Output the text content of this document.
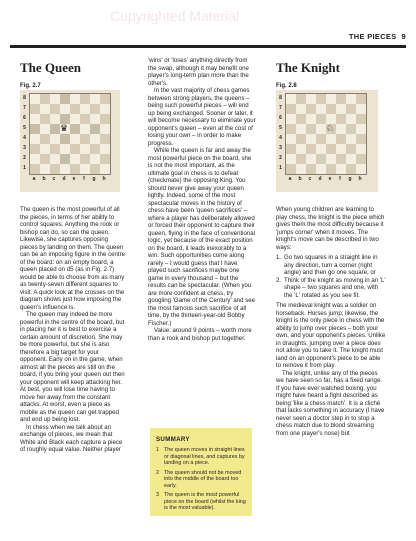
Copyrighted Material
THE PIECES 9
The Queen
Fig. 2.7
8
7
6
5
4
3
2
1
a	b	c	d	e	f	g	h
♛

The queen is the most powerful of all the pieces, in terms of her ability to control squares. Anything the rook or bishop can do, so can the queen. Likewise, she captures opposing pieces by landing on them. The queen can be an imposing figure in the centre of the board: on an empty board, a queen placed on d5 (as in Fig. 2.7) would be able to choose from as many as twenty-seven different squares to visit. A quick look at the crosses on the diagram shows just how imposing the queen's influence is.

The queen may indeed be more powerful in the centre of the board, but in placing her it is best to exercise a certain amount of discretion. She may be more powerful, but she is also therefore a big target for your opponent. Early on in the game, when almost all the pieces are still on the board, if you bring your queen out then your opponent will keep attacking her. At best, you will lose time having to move her away from the constant attacks. At worst, even a piece as mobile as the queen can get trapped and end up being lost.

In chess when we talk about an exchange of pieces, we mean that White and Black each capture a piece of roughly equal value. Neither player

'wins' or 'loses' anything directly from the swap, although it may benefit one player's long-term plan more than the other's.

In the vast majority of chess games between strong players, the queens – being such powerful pieces – will end up being exchanged. Sooner or later, it will become necessary to eliminate your opponent's queen – even at the cost of losing your own – in order to make progress.

While the queen is far and away the most powerful piece on the board, she is not the most important, as the ultimate goal in chess is to defeat (checkmate) the opposing King. You should never give away your queen lightly. Indeed, some of the most spectacular moves in the history of chess have been 'queen sacrifices' – where a player has deliberately allowed or forced their opponent to capture their queen, flying in the face of conventional logic, yet because of the exact position on the board, it leads inexorably to a win. Such opportunities come along rarely – I would guess that I have played such sacrifices maybe one game in every thousand – but the results can be spectacular. (When you are more confident at chess, try googling 'Game of the Century' and see the most famous such sacrifice of all time, by the thirteen-year-old Bobby Fischer.)

Value: around 9 points – worth more than a rook and bishop put together.

SUMMARY
1 The queen moves in straight lines or diagonal lines, and captures by landing on a piece.
2 The queen should not be moved into the middle of the board too early.
3 The queen is the most powerful piece on the board (whilst the king is the most valuable).
The Knight
Fig. 2.8
8
7
6
5
4
3
2
1
a	b	c	d	e	f	g	h
♘

When young children are learning to play chess, the knight is the piece which gives them the most difficulty because it 'jumps corner' when it moves. The knight's move can be described in two ways:

1. Go two squares in a straight line in any direction, turn a corner (right angle) and then go one square, or
2. Think of the knight as moving in an 'L' shape – two squares and one, with the 'L' rotated as you see fit.

The medieval knight was a soldier on horseback. Horses jump; likewise, the knight is the only piece in chess with the ability to jump over pieces – both your own, and your opponent's pieces. Unlike in draughts, jumping over a piece does not allow you to take it. The knight must land on an opponent's piece to be able to remove it from play.

The knight, unlike any of the pieces we have seen so far, has a fixed range. If you have ever watched boxing, you might have heard a fight described as being 'like a chess match'. It is a cliché that lacks something in accuracy (I have never seen a doctor step in to stop a chess match due to blood streaming from one player's nose) but
